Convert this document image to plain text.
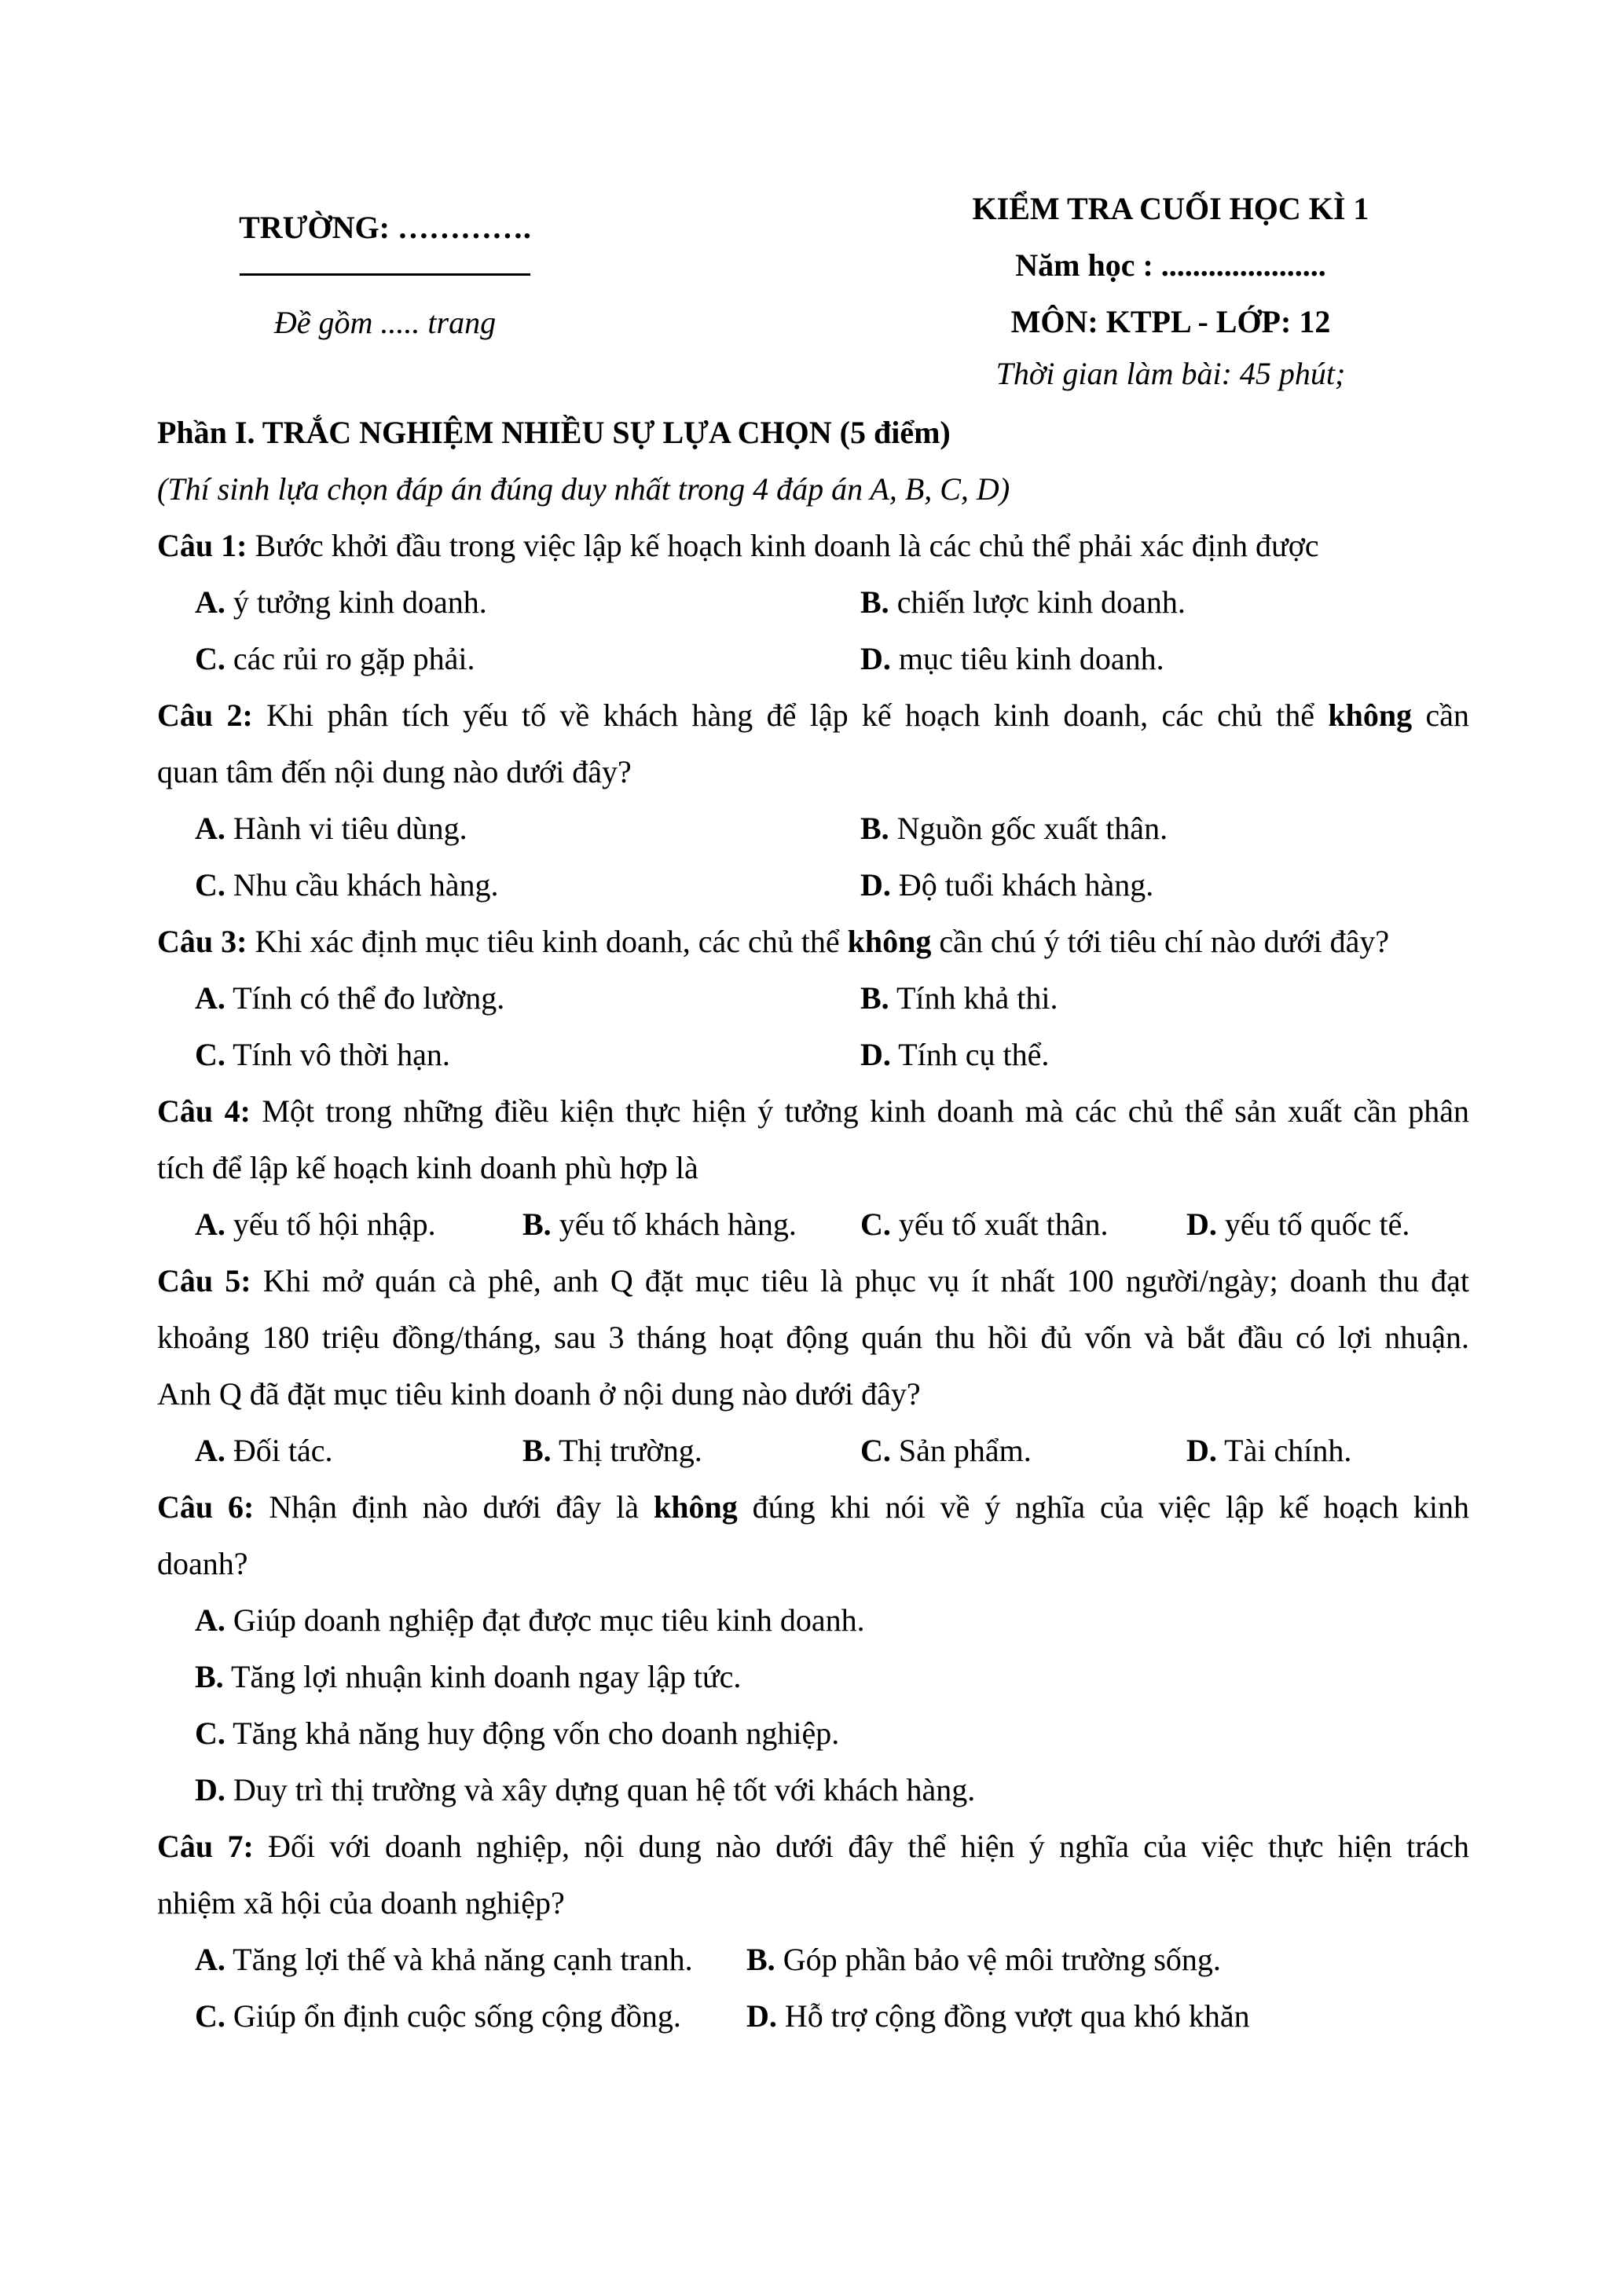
TRƯỜNG: ………….
Đề gồm ..... trang
KIỂM TRA CUỐI HỌC KÌ 1
Năm học : .....................
MÔN: KTPL - LỚP: 12
Thời gian làm bài: 45 phút;
Phần I. TRẮC NGHIỆM NHIỀU SỰ LỰA CHỌN (5 điểm)
(Thí sinh lựa chọn đáp án đúng duy nhất trong 4 đáp án A, B, C, D)
Câu 1: Bước khởi đầu trong việc lập kế hoạch kinh doanh là các chủ thể phải xác định được
A. ý tưởng kinh doanh.	B. chiến lược kinh doanh.
C. các rủi ro gặp phải.	D. mục tiêu kinh doanh.
Câu 2: Khi phân tích yếu tố về khách hàng để lập kế hoạch kinh doanh, các chủ thể không cần
quan tâm đến nội dung nào dưới đây?
A. Hành vi tiêu dùng.	B. Nguồn gốc xuất thân.
C. Nhu cầu khách hàng.	D. Độ tuổi khách hàng.
Câu 3: Khi xác định mục tiêu kinh doanh, các chủ thể không cần chú ý tới tiêu chí nào dưới đây?
A. Tính có thể đo lường.	B. Tính khả thi.
C. Tính vô thời hạn.	D. Tính cụ thể.
Câu 4: Một trong những điều kiện thực hiện ý tưởng kinh doanh mà các chủ thể sản xuất cần phân
tích để lập kế hoạch kinh doanh phù hợp là
A. yếu tố hội nhập.	B. yếu tố khách hàng. C. yếu tố xuất thân. D. yếu tố quốc tế.
Câu 5: Khi mở quán cà phê, anh Q đặt mục tiêu là phục vụ ít nhất 100 người/ngày; doanh thu đạt
khoảng 180 triệu đồng/tháng, sau 3 tháng hoạt động quán thu hồi đủ vốn và bắt đầu có lợi nhuận.
Anh Q đã đặt mục tiêu kinh doanh ở nội dung nào dưới đây?
A. Đối tác.	B. Thị trường.	C. Sản phẩm.	D. Tài chính.
Câu 6: Nhận định nào dưới đây là không đúng khi nói về ý nghĩa của việc lập kế hoạch kinh
doanh?
A. Giúp doanh nghiệp đạt được mục tiêu kinh doanh.
B. Tăng lợi nhuận kinh doanh ngay lập tức.
C. Tăng khả năng huy động vốn cho doanh nghiệp.
D. Duy trì thị trường và xây dựng quan hệ tốt với khách hàng.
Câu 7: Đối với doanh nghiệp, nội dung nào dưới đây thể hiện ý nghĩa của việc thực hiện trách
nhiệm xã hội của doanh nghiệp?
A. Tăng lợi thế và khả năng cạnh tranh. B. Góp phần bảo vệ môi trường sống.
C. Giúp ổn định cuộc sống cộng đồng. D. Hỗ trợ cộng đồng vượt qua khó khăn
